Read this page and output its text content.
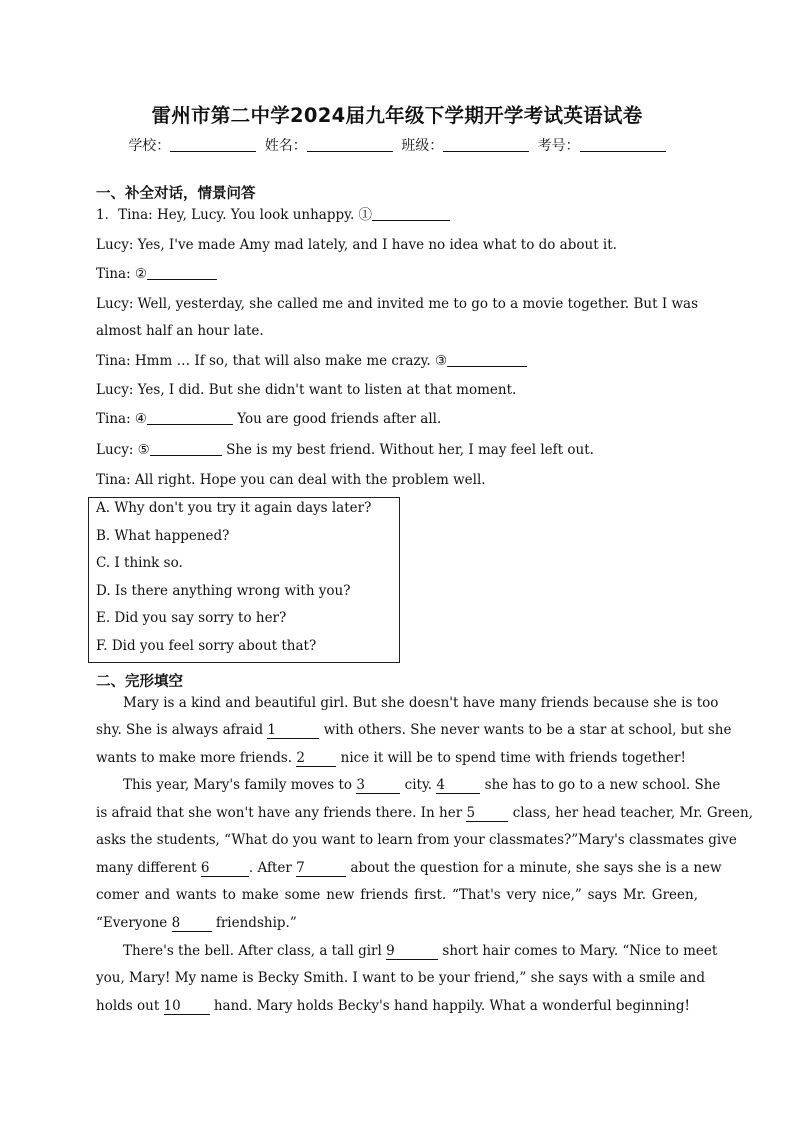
雷州市第二中学2024届九年级下学期开学考试英语试卷
学校：	姓名：	班级：	考号：
一、补全对话，情景问答
1．Tina: Hey, Lucy. You look unhappy. ①
Lucy: Yes, I've made Amy mad lately, and I have no idea what to do about it.
Tina: ②
Lucy: Well, yesterday, she called me and invited me to go to a movie together. But I was
almost half an hour late.
Tina: Hmm … If so, that will also make me crazy. ③
Lucy: Yes, I did. But she didn't want to listen at that moment.
Tina: ④	You are good friends after all.
Lucy: ⑤	She is my best friend. Without her, I may feel left out.
Tina: All right. Hope you can deal with the problem well.
A. Why don't you try it again days later?
B. What happened?
C. I think so.
D. Is there anything wrong with you?
E. Did you say sorry to her?
F. Did you feel sorry about that?
二、完形填空
　　Mary is a kind and beautiful girl. But she doesn't have many friends because she is too
shy. She is always afraid 1	with others. She never wants to be a star at school, but she
wants to make more friends. 2 nice it will be to spend time with friends together!
　　This year, Mary's family moves to 3	city. 4	she has to go to a new school. She
is afraid that she won't have any friends there. In her 5 class, her head teacher, Mr. Green,
asks the students, “What do you want to learn from your classmates?”Mary's classmates give
many different 6	. After 7	about the question for a minute, she says she is a new
comer and wants to make some new friends first. “That's very nice,” says Mr. Green,
“Everyone 8 friendship.”
　　There's the bell. After class, a tall girl 9	short hair comes to Mary. “Nice to meet
you, Mary! My name is Becky Smith. I want to be your friend,” she says with a smile and
holds out 10 hand. Mary holds Becky's hand happily. What a wonderful beginning!
